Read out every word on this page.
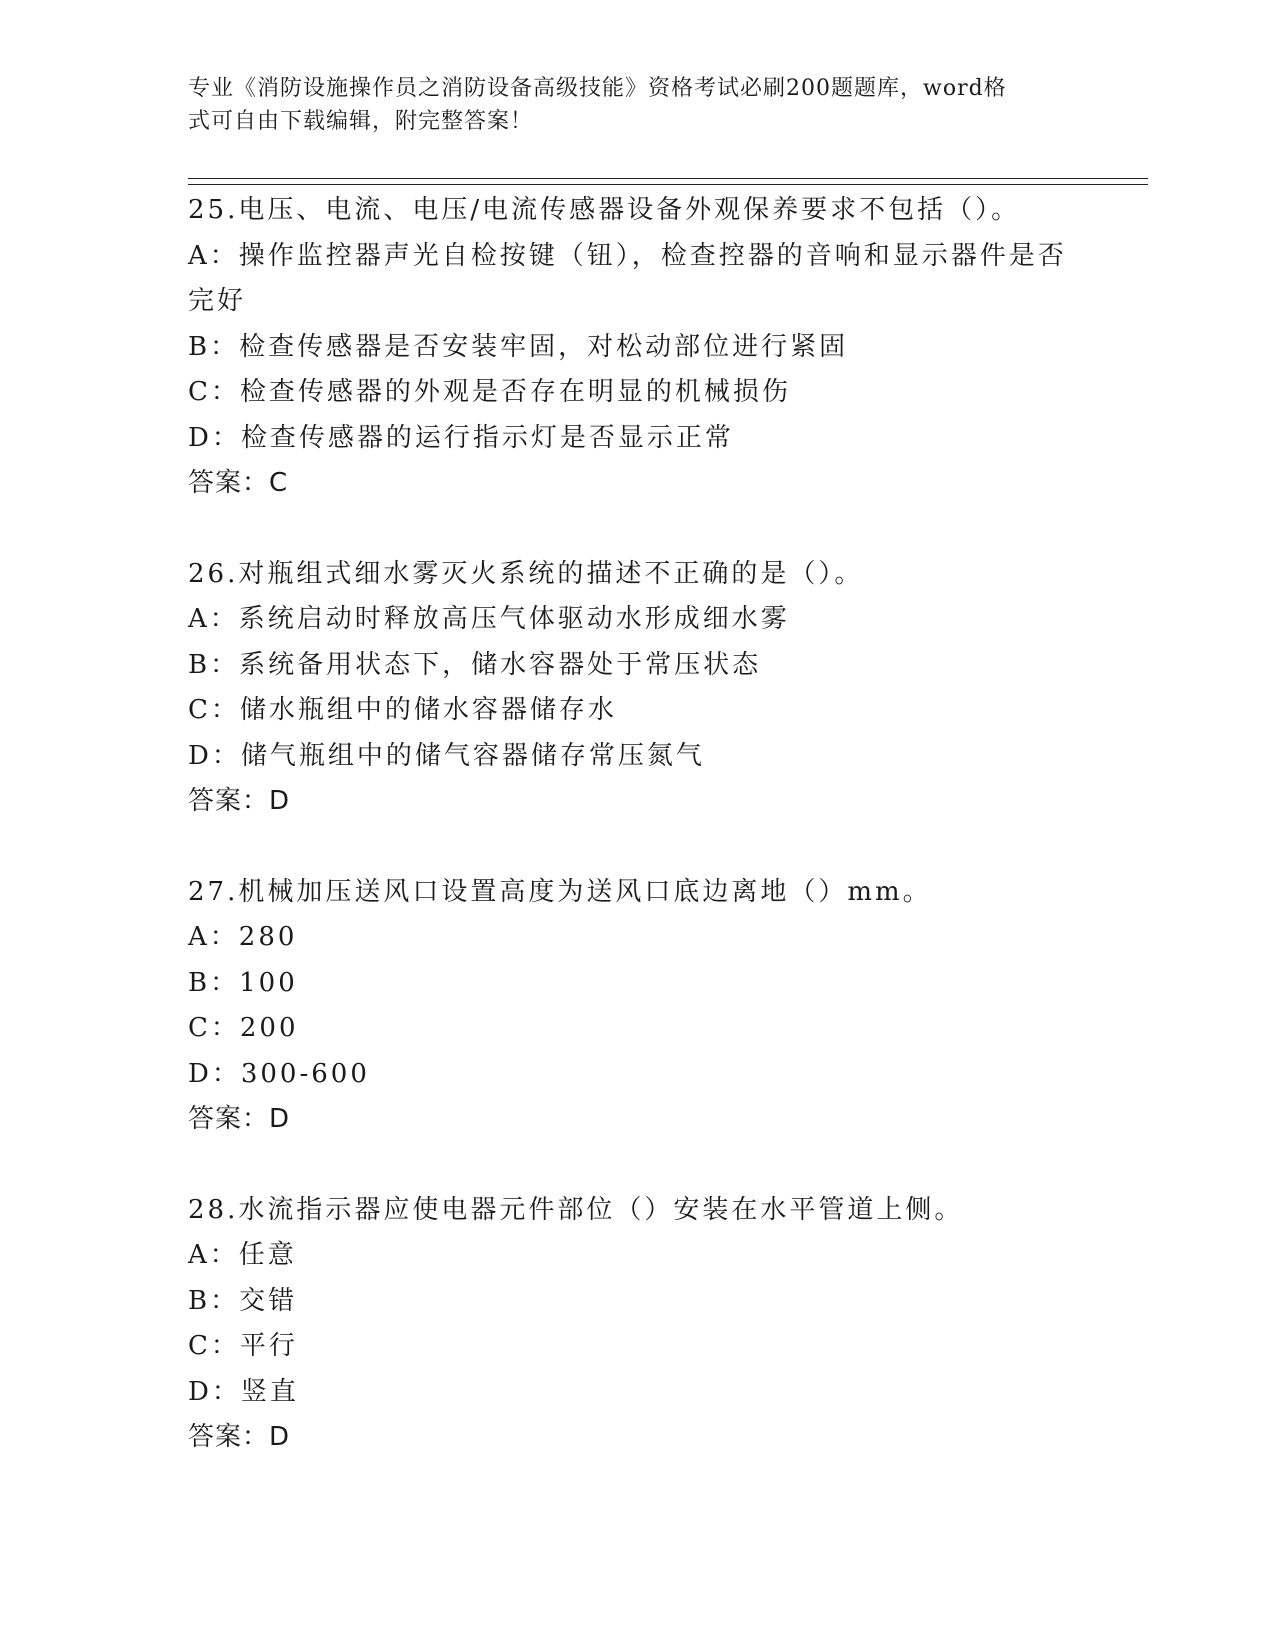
专业《消防设施操作员之消防设备高级技能》资格考试必刷200题题库，word格
式可自由下载编辑，附完整答案！
25.电压、电流、电压/电流传感器设备外观保养要求不包括（）。
A：操作监控器声光自检按键（钮），检查控器的音响和显示器件是否
完好
B：检查传感器是否安装牢固，对松动部位进行紧固
C：检查传感器的外观是否存在明显的机械损伤
D：检查传感器的运行指示灯是否显示正常
答案：C
26.对瓶组式细水雾灭火系统的描述不正确的是（）。
A：系统启动时释放高压气体驱动水形成细水雾
B：系统备用状态下，储水容器处于常压状态
C：储水瓶组中的储水容器储存水
D：储气瓶组中的储气容器储存常压氮气
答案：D
27.机械加压送风口设置高度为送风口底边离地（）mm。
A：280
B：100
C：200
D：300-600
答案：D
28.水流指示器应使电器元件部位（）安装在水平管道上侧。
A：任意
B：交错
C：平行
D：竖直
答案：D
